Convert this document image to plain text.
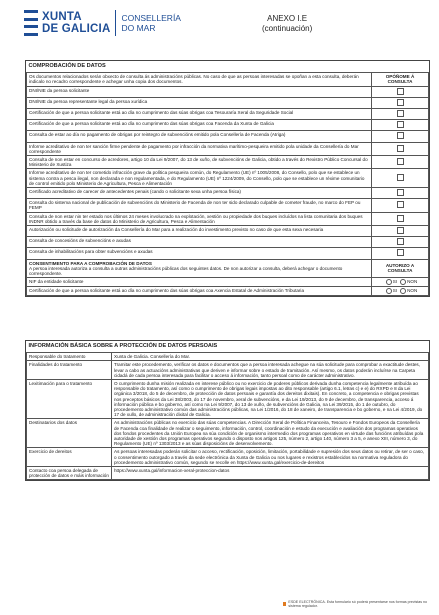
XUNTA
DE GALICIA
CONSELLERÍA
DO MAR
ANEXO I.E
(continuación)
COMPROBACIÓN DE DATOS	
Os documentos relacionados serán obxecto de consulta ás administracións públicas. No caso de que as persoas interesadas se opoñan a esta consulta, deberán indicalo no recadro correspondente e achegar unha copia dos documentos.	OPÓÑOME Á CONSULTA
DNI/NIE da persoa solicitante	
DNI/NIE da persoa representante legal da persoa xurídica	
Certificación de que a persoa solicitante está ao día no cumprimento das súas obrigas coa Tesouraría Xeral da Seguridade Social	
Certificación de que a persoa solicitante está ao día no cumprimento das súas obrigas coa Facenda da Xunta de Galicia	
Consulta de estar ao día no pagamento de obrigas por reintegro de subvencións emitido pola Consellería de Facenda (Atriga)	
Informe acreditativo de non ter sanción firme pendente de pagamento por infracción da normativa marítimo-pesqueira emitido pola unidade da Consellería do Mar correspondente	
Consulta de non estar en concurso de acredores, artigo 10 da Lei 9/2007, do 13 de xuño, de subvencións de Galicia, obtido a través do Rexistro Público Concursal do Ministerio de Xustiza	
Informe acreditativo de non ter cometido infracción grave da política pesqueira común, do Regulamento (UE) nº 1005/2008, do Consello, polo que se establece un sistema contra a pesca ilegal, non declarada e non regulamentada, e do Regulamento (UE) nº 1224/2009, do Consello, polo que se establece un réxime comunitario de control emitido polo Ministerio de Agricultura, Pesca e Alimentación	
Certificado acreditativo de carecer de antecedentes penais (cando o solicitante sexa unha persoa física)	
Consulta do sistema nacional de publicación de subvencións do Ministerio de Facenda de non ter sido declarado culpable de cometer fraude, no marco do FEP ou FEMP	
Consulta de non estar nin ter estado nos últimos 24 meses involucrado na explotación, xestión ou propiedade dos buques incluídos na lista comunitaria dos buques INDNR obtido a través da base de datos do Ministerio de Agricultura, Pesca e Alimentación	
Autorización ou solicitude de autorización da Consellería do Mar para a realización do investimento previsto no caso de que esta sexa necesaria	
Consulta de concesións de subvencións e axudas	
Consulta de inhabilitacións para obter subvencións e axudas	

CONSENTIMENTO PARA A COMPROBACIÓN DE DATOS
A persoa interesada autoriza a consulta a outras administracións públicas dos seguintes datos. De non autorizar a consulta, deberá achegar o documento correspondente.	AUTORIZO A CONSULTA
NIF da entidade solicitante	SI NON
Certificación de que a persoa solicitante está ao día no cumprimento das súas obrigas coa Axencia Estatal de Administración Tributaria	SI NON
INFORMACIÓN BÁSICA SOBRE A PROTECCIÓN DE DATOS PERSOAIS	
Responsable do tratamento	Xunta de Galicia. Consellería do Mar.
Finalidades do tratamento	Tramitar este procedemento, verificar os datos e documentos que a persoa interesada achegue na súa solicitude para comprobar a exactitude destes, levar a cabo as actuacións administrativas que deriven e informar sobre o estado de tramitación. Así mesmo, os datos poderán incluírse na Carpeta cidadá de cada persoa interesada para facilitar o acceso á información, tanto persoal como de carácter administrativo.
Lexitimación para o tratamento	O cumprimento dunha misión realizada en interese público ou no exercicio de poderes públicos derivada dunha competencia legalmente atribuída ao responsable do tratamento, así como o cumprimento de obrigas legais impostas ao dito responsable (artigo 6.1, letras c) e e) do RXPD e 8 da Lei orgánica 3/2018, do 5 de decembro, de protección de datos persoais e garantía dos dereitos dixitais). En concreto, a competencia e obrigas previstas nos preceptos básicos da Lei 38/2003, do 17 de novembro, xeral de subvencións, e da Lei 19/2013, do 9 de decembro, de transparencia, acceso á información pública e bo goberno, así como na Lei 9/2007, do 13 de xuño, de subvencións de Galicia, na Lei 39/2015, do 1 de outubro, do procedemento administrativo común das administracións públicas, na Lei 1/2016, do 18 de xaneiro, de transparencia e bo goberno, e na Lei 4/2019, do 17 de xullo, de administración dixital de Galicia.
Destinatarios dos datos	As administracións públicas no exercicio das súas competencias. A Dirección Xeral de Política Financeira, Tesouro e Fondos Europeos da Consellería de Facenda coa finalidade de realizar o seguimento, información, control, coordinación e estudo da execución e avaliación dos programas operativos dos fondos procedentes da Unión Europea na súa condición de organismo intermedio dos programas operativos en virtude das funcións atribuídas pola autoridade de xestión dos programas operativos segundo o disposto nos artigos 125, número 2, artigo 140, número 3 a 5, e anexo XIII, número 3, do Regulamento (UE) nº 1303/2013 e as súas disposicións de desenvolvemento.
Exercicio de dereitos	As persoas interesadas poderán solicitar o acceso, rectificación, oposición, limitación, portabilidade e supresión dos seus datos ou retirar, de ser o caso, o consentimento outorgado a través da sede electrónica da Xunta de Galicia ou nos lugares e rexistros establecidos na normativa reguladora do procedemento administrativo común, segundo se recolle en https://www.xunta.gal/exercicio-de-dereitos
Contacto coa persoa delegada de protección de datos e máis información	https://www.xunta.gal/informacion-xeral-proteccion-datos
ESDE ELECTRÓNICA. Esta formulario só poderá presentarse nos formas previstas no sistema regulador.
